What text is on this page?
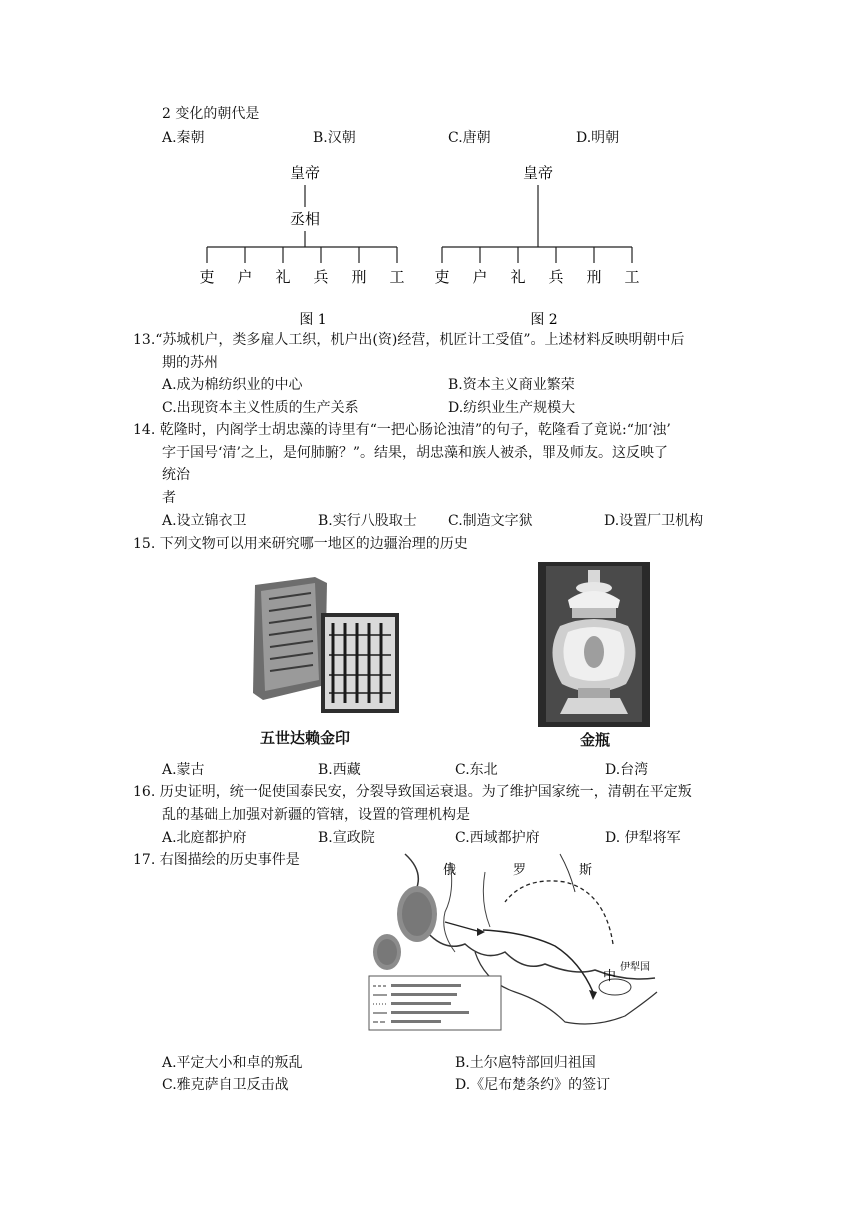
2 变化的朝代是
A.秦朝	B.汉朝	C.唐朝	D.明朝
皇帝
丞相
吏 户 礼 兵 刑 工
图 1
皇帝
吏 户 礼 兵 刑 工
图 2
13.“苏城机户，类多雇人工织，机户出(资)经营，机匠计工受值”。上述材料反映明朝中后
期的苏州
A.成为棉纺织业的中心	B.资本主义商业繁荣
C.出现资本主义性质的生产关系	D.纺织业生产规模大
14. 乾隆时，内阁学士胡忠藻的诗里有“一把心肠论浊清”的句子，乾隆看了竟说:“加‘浊’
字于国号‘清’之上，是何肺腑？”。结果，胡忠藻和族人被杀，罪及师友。这反映了
统治
者
A.设立锦衣卫	B.实行八股取士 C.制造文字狱	D.设置厂卫机构
15. 下列文物可以用来研究哪一地区的边疆治理的历史
五世达赖金印	金瓶
A.蒙古	B.西藏	C.东北	D.台湾
16. 历史证明，统一促使国泰民安，分裂导致国运衰退。为了维护国家统一，清朝在平定叛
乱的基础上加强对新疆的管辖，设置的管理机构是
A.北庭都护府	B.宣政院	C.西域都护府	D. 伊犁将军
17. 右图描绘的历史事件是
俄	罗	斯
中
伊犁国
A.平定大小和卓的叛乱	B.土尔扈特部回归祖国
C.雅克萨自卫反击战	D.《尼布楚条约》的签订
